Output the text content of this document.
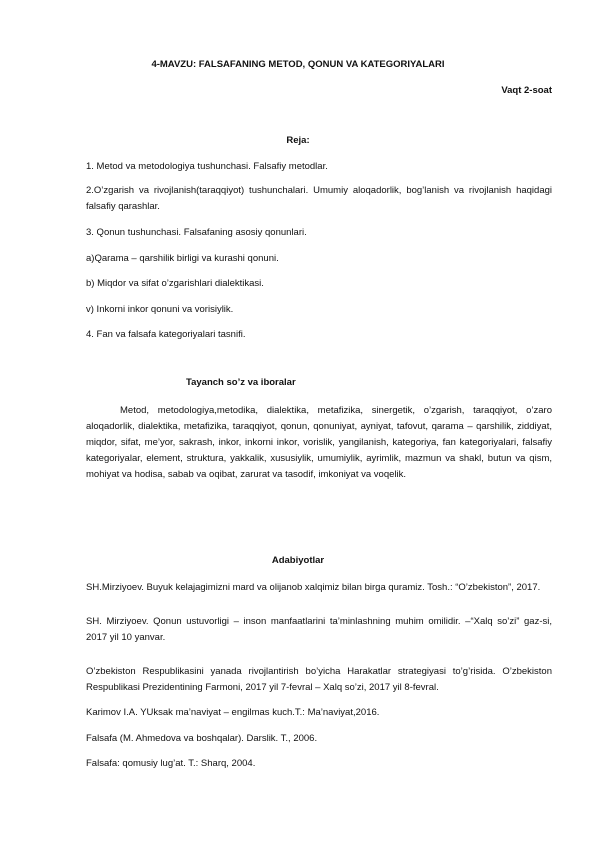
4-MAVZU: FALSAFANING METOD, QONUN VA KATEGORIYALARI
Vaqt 2-soat
Reja:
1. Metod va metodologiya tushunchasi. Falsafiy metodlar.
2.O’zgarish va rivojlanish(taraqqiyot) tushunchalari. Umumiy aloqadorlik, bog’lanish va rivojlanish haqidagi falsafiy qarashlar.
3. Qonun tushunchasi. Falsafaning asosiy qonunlari.
a)Qarama – qarshilik birligi va kurashi qonuni.
b) Miqdor va sifat o’zgarishlari dialektikasi.
v) Inkorni inkor qonuni va vorisiylik.
4. Fan va falsafa kategoriyalari tasnifi.
Tayanch so’z va iboralar
Metod, metodologiya,metodika, dialektika, metafizika, sinergetik, o’zgarish, taraqqiyot, o’zaro aloqadorlik, dialektika, metafizika, taraqqiyot, qonun, qonuniyat, ayniyat, tafovut, qarama – qarshilik, ziddiyat, miqdor, sifat, me’yor, sakrash, inkor, inkorni inkor, vorislik, yangilanish, kategoriya, fan kategoriyalari, falsafiy kategoriyalar, element, struktura, yakkalik, xususiylik, umumiylik, ayrimlik, mazmun va shakl, butun va qism, mohiyat va hodisa, sabab va oqibat, zarurat va tasodif, imkoniyat va voqelik.
Adabiyotlar
SH.Mirziyoev. Buyuk kelajagimizni mard va olijanob xalqimiz bilan birga quramiz. Tosh.: “O’zbekiston”, 2017.
SH. Mirziyoev. Qonun ustuvorligi – inson manfaatlarini ta’minlashning muhim omilidir. –“Xalq so’zi” gaz-si, 2017 yil 10 yanvar.
O’zbekiston Respublikasini yanada rivojlantirish bo’yicha Harakatlar strategiyasi to’g’risida. O’zbekiston Respublikasi Prezidentining Farmoni, 2017 yil 7-fevral – Xalq so’zi, 2017 yil 8-fevral.
Karimov I.A. YUksak ma’naviyat – engilmas kuch.T.: Ma’naviyat,2016.
Falsafa (M. Ahmedova va boshqalar). Darslik. T., 2006.
Falsafa: qomusiy lug’at. T.: Sharq, 2004.
